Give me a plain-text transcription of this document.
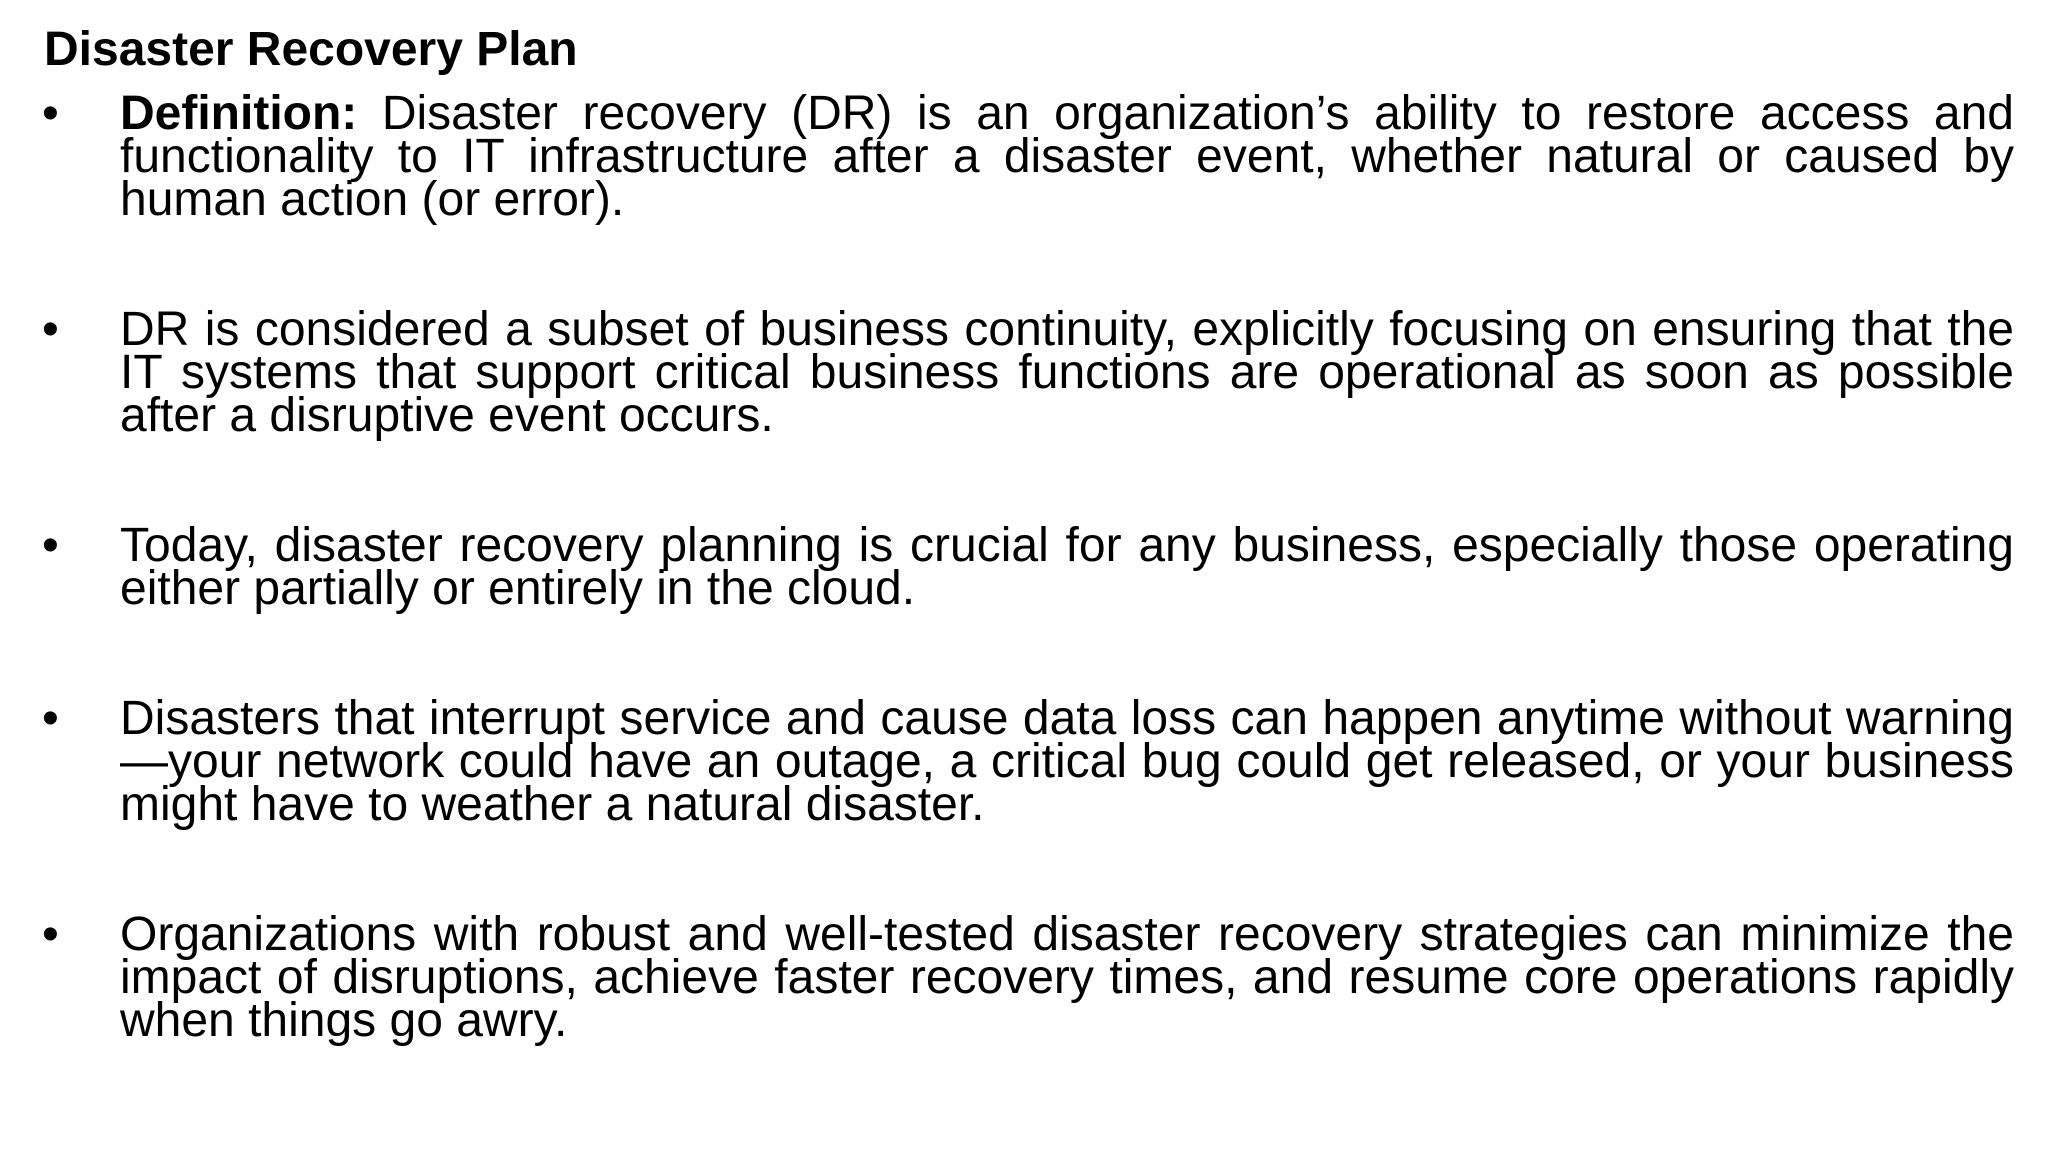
Disaster Recovery Plan
• Definition: Disaster recovery (DR) is an organization’s ability to restore access and functionality to IT infrastructure after a disaster event, whether natural or caused by human action (or error).

• DR is considered a subset of business continuity, explicitly focusing on ensuring that the IT systems that support critical business functions are operational as soon as possible after a disruptive event occurs.

• Today, disaster recovery planning is crucial for any business, especially those operating either partially or entirely in the cloud.

• Disasters that interrupt service and cause data loss can happen anytime without warning—your network could have an outage, a critical bug could get released, or your business might have to weather a natural disaster.

• Organizations with robust and well-tested disaster recovery strategies can minimize the impact of disruptions, achieve faster recovery times, and resume core operations rapidly when things go awry.
